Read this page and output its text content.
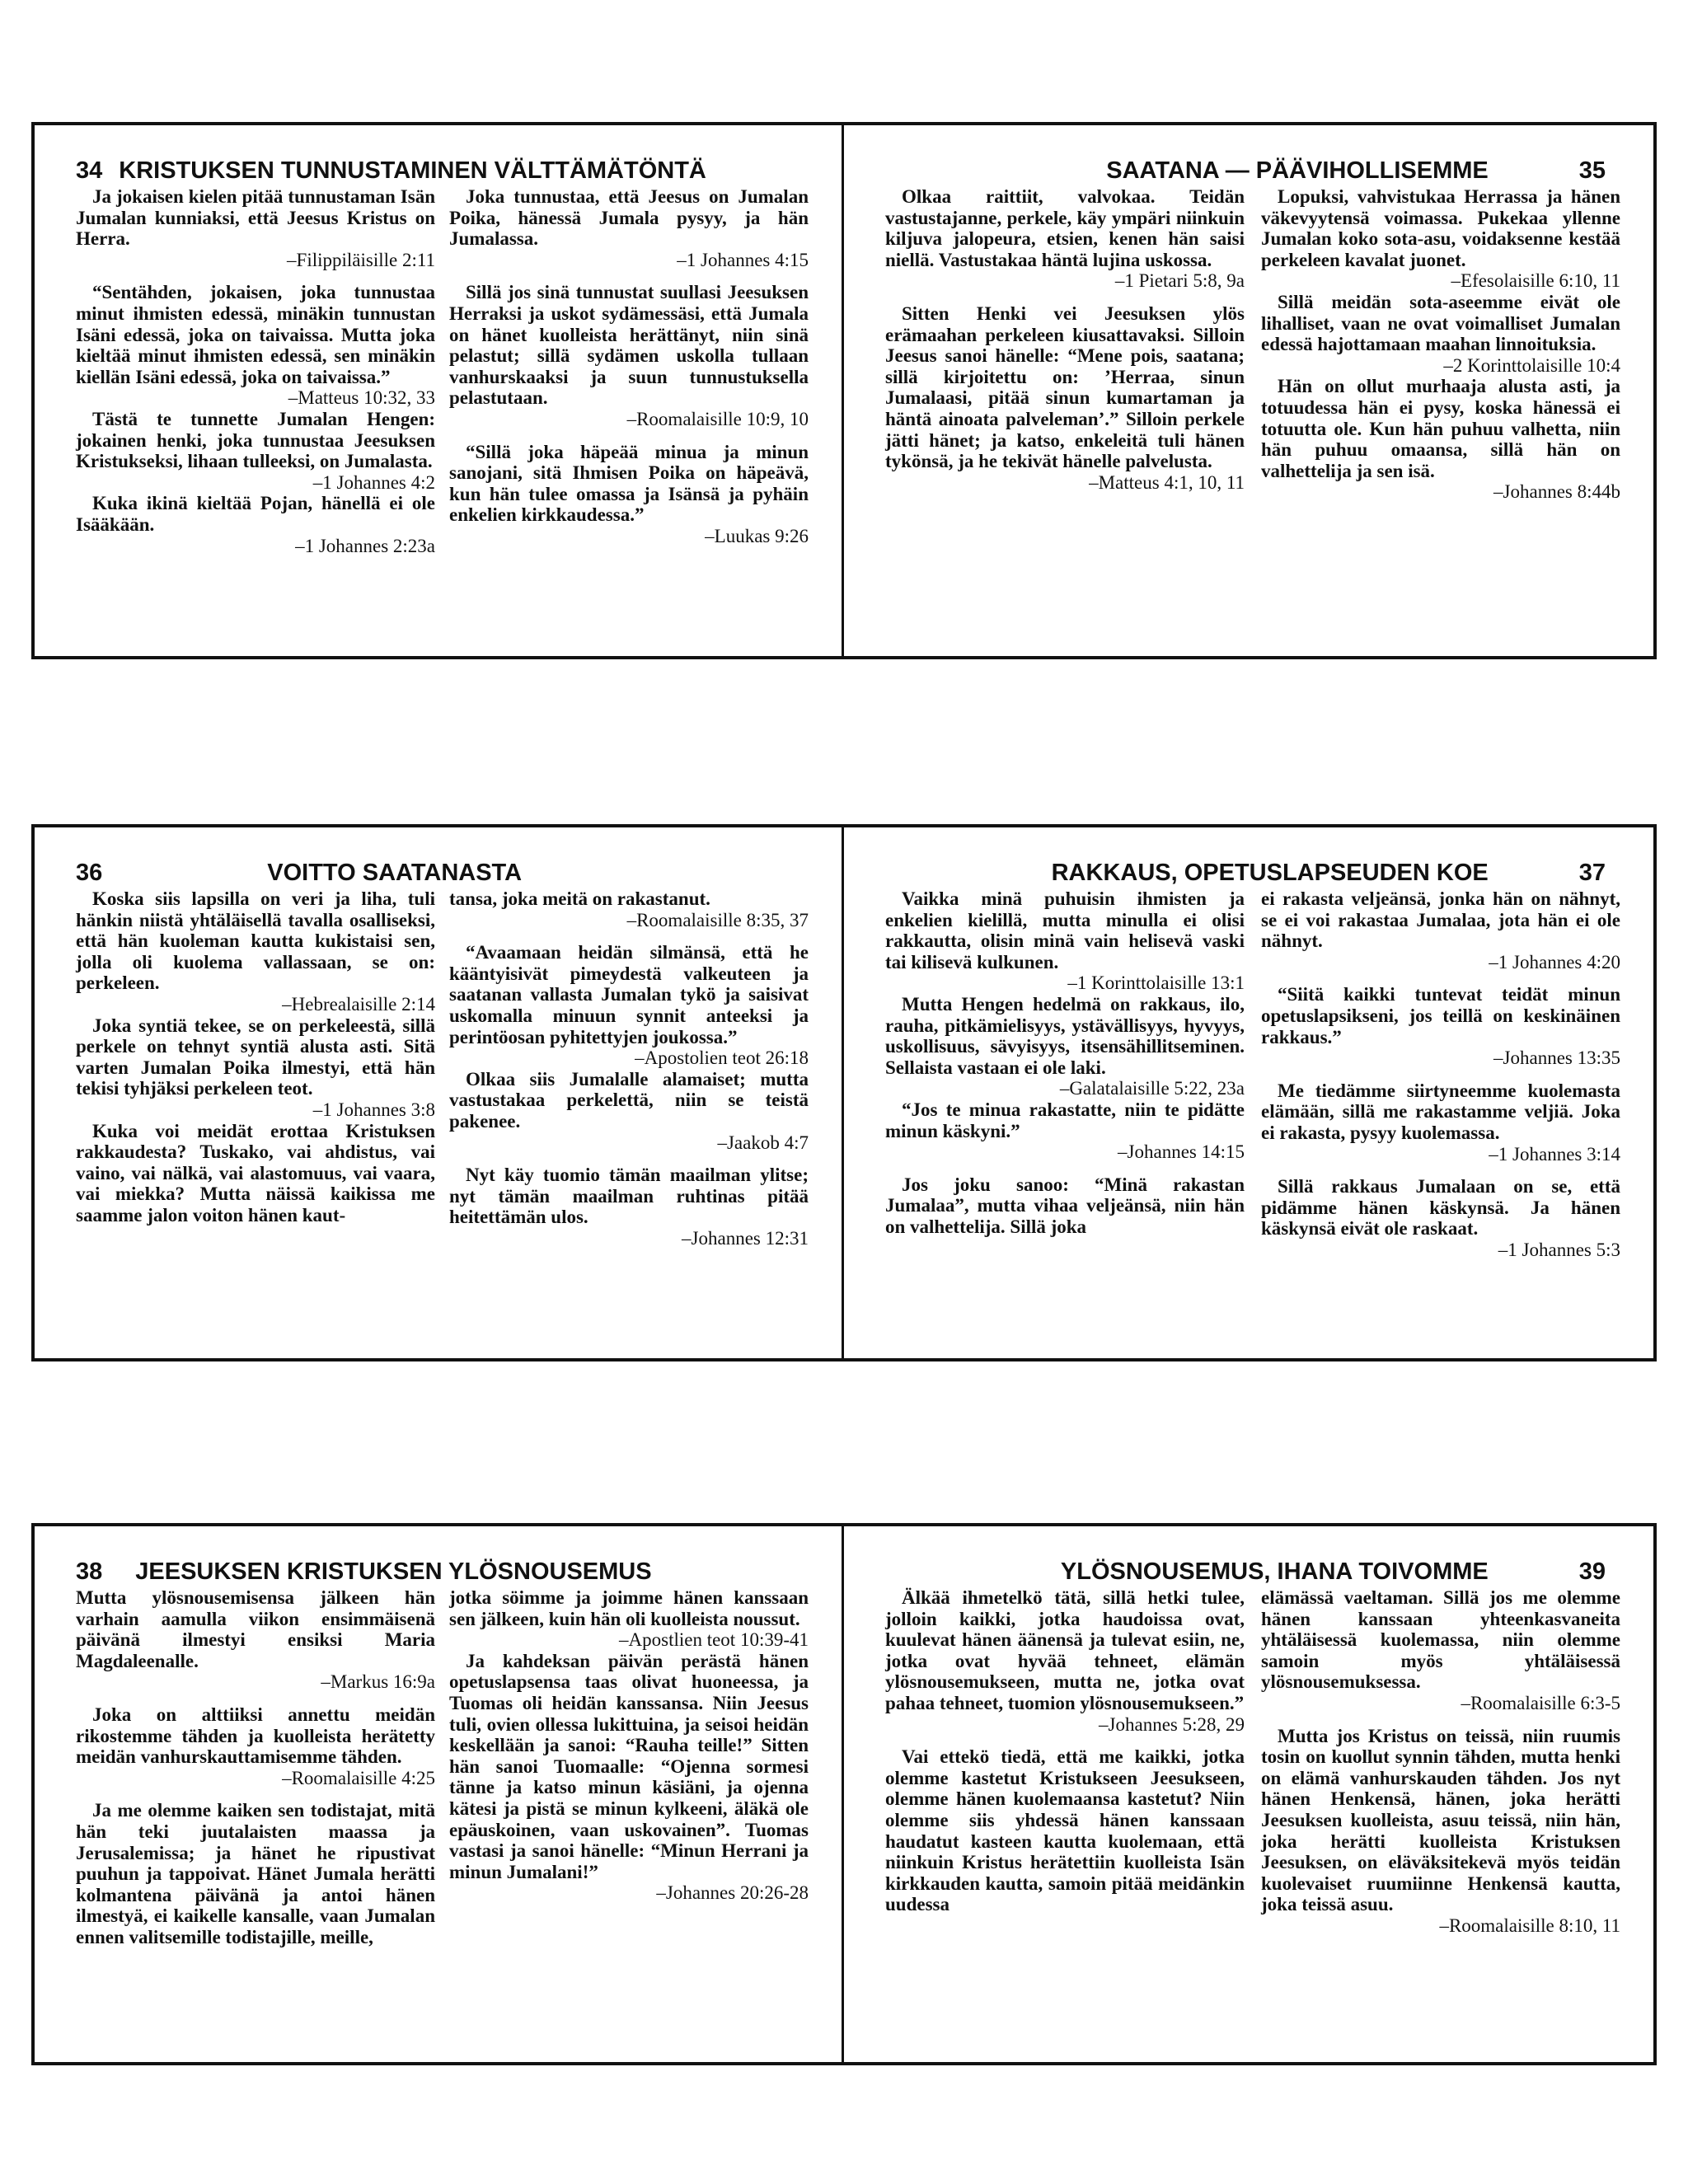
34 KRISTUKSEN TUNNUSTAMINEN VÄLTTÄMÄTÖNTÄ

Ja jokaisen kielen pitää tunnustaman Isän Jumalan kunniaksi, että Jeesus Kristus on Herra.

–Filippiläisille 2:11

“Sentähden, jokaisen, joka tunnustaa minut ihmisten edessä, minäkin tunnustan Isäni edessä, joka on taivaissa. Mutta joka kieltää minut ihmisten edessä, sen minäkin kiellän Isäni edessä, joka on taivaissa.”

–Matteus 10:32, 33

Tästä te tunnette Jumalan Hengen: jokainen henki, joka tunnustaa Jeesuksen Kristukseksi, lihaan tulleeksi, on Jumalasta.

–1 Johannes 4:2

Kuka ikinä kieltää Pojan, hänellä ei ole Isääkään.

–1 Johannes 2:23a

Joka tunnustaa, että Jeesus on Jumalan Poika, hänessä Jumala pysyy, ja hän Jumalassa.

–1 Johannes 4:15

Sillä jos sinä tunnustat suullasi Jeesuksen Herraksi ja uskot sydämessäsi, että Jumala on hänet kuolleista herättänyt, niin sinä pelastut; sillä sydämen uskolla tullaan vanhurskaaksi ja suun tunnustuksella pelastutaan.

–Roomalaisille 10:9, 10

“Sillä joka häpeää minua ja minun sanojani, sitä Ihmisen Poika on häpeävä, kun hän tulee omassa ja Isänsä ja pyhäin enkelien kirkkaudessa.”

–Luukas 9:26
SAATANA — PÄÄVIHOLLISEMME	35

Olkaa raittiit, valvokaa. Teidän vastustajanne, perkele, käy ympäri niinkuin kiljuva jalopeura, etsien, kenen hän saisi niellä. Vastustakaa häntä lujina uskossa.

–1 Pietari 5:8, 9a

Sitten Henki vei Jeesuksen ylös erämaahan perkeleen kiusattavaksi. Silloin Jeesus sanoi hänelle: “Mene pois, saatana; sillä kirjoitettu on: ’Herraa, sinun Jumalaasi, pitää sinun kumartaman ja häntä ainoata palveleman’.” Silloin perkele jätti hänet; ja katso, enkeleitä tuli hänen tykönsä, ja he tekivät hänelle palvelusta.

–Matteus 4:1, 10, 11

Lopuksi, vahvistukaa Herrassa ja hänen väkevyytensä voimassa. Pukekaa yllenne Jumalan koko sota-asu, voidaksenne kestää perkeleen kavalat juonet.

–Efesolaisille 6:10, 11

Sillä meidän sota-aseemme eivät ole lihalliset, vaan ne ovat voimalliset Jumalan edessä hajottamaan maahan linnoituksia.

–2 Korinttolaisille 10:4

Hän on ollut murhaaja alusta asti, ja totuudessa hän ei pysy, koska hänessä ei totuutta ole. Kun hän puhuu valhetta, niin hän puhuu omaansa, sillä hän on valhettelija ja sen isä.

–Johannes 8:44b
36	VOITTO SAATANASTA

Koska siis lapsilla on veri ja liha, tuli hänkin niistä yhtäläisellä tavalla osalliseksi, että hän kuoleman kautta kukistaisi sen, jolla oli kuolema vallassaan, se on: perkeleen.

–Hebrealaisille 2:14

Joka syntiä tekee, se on perkeleestä, sillä perkele on tehnyt syntiä alusta asti. Sitä varten Jumalan Poika ilmestyi, että hän tekisi tyhjäksi perkeleen teot.

–1 Johannes 3:8

Kuka voi meidät erottaa Kristuksen rakkaudesta? Tuskako, vai ahdistus, vai vaino, vai nälkä, vai alastomuus, vai vaara, vai miekka? Mutta näissä kaikissa me saamme jalon voiton hänen kaut-

tansa, joka meitä on rakastanut.

–Roomalaisille 8:35, 37

“Avaamaan heidän silmänsä, että he kääntyisivät pimeydestä valkeuteen ja saatanan vallasta Jumalan tykö ja saisivat uskomalla minuun synnit anteeksi ja perintöosan pyhitettyjen joukossa.”

–Apostolien teot 26:18

Olkaa siis Jumalalle alamaiset; mutta vastustakaa perkelettä, niin se teistä pakenee.

–Jaakob 4:7

Nyt käy tuomio tämän maailman ylitse; nyt tämän maailman ruhtinas pitää heitettämän ulos.

–Johannes 12:31
RAKKAUS, OPETUSLAPSEUDEN KOE	37

Vaikka minä puhuisin ihmisten ja enkelien kielillä, mutta minulla ei olisi rakkautta, olisin minä vain helisevä vaski tai kilisevä kulkunen.

–1 Korinttolaisille 13:1

Mutta Hengen hedelmä on rakkaus, ilo, rauha, pitkämielisyys, ystävällisyys, hyvyys, uskollisuus, sävyisyys, itsensähillitseminen. Sellaista vastaan ei ole laki.

–Galatalaisille 5:22, 23a

“Jos te minua rakastatte, niin te pidätte minun käskyni.”

–Johannes 14:15

Jos joku sanoo: “Minä rakastan Jumalaa”, mutta vihaa veljeänsä, niin hän on valhettelija. Sillä joka

ei rakasta veljeänsä, jonka hän on nähnyt, se ei voi rakastaa Jumalaa, jota hän ei ole nähnyt.

–1 Johannes 4:20

“Siitä kaikki tuntevat teidät minun opetuslapsikseni, jos teillä on keskinäinen rakkaus.”

–Johannes 13:35

Me tiedämme siirtyneemme kuolemasta elämään, sillä me rakastamme veljiä. Joka ei rakasta, pysyy kuolemassa.

–1 Johannes 3:14

Sillä rakkaus Jumalaan on se, että pidämme hänen käskynsä. Ja hänen käskynsä eivät ole raskaat.

–1 Johannes 5:3
38 JEESUKSEN KRISTUKSEN YLÖSNOUSEMUS

Mutta ylösnousemisensa jälkeen hän varhain aamulla viikon ensimmäisenä päivänä ilmestyi ensiksi Maria Magdaleenalle.

–Markus 16:9a

Joka on alttiiksi annettu meidän rikostemme tähden ja kuolleista herätetty meidän vanhurskauttamisemme tähden.

–Roomalaisille 4:25

Ja me olemme kaiken sen todistajat, mitä hän teki juutalaisten maassa ja Jerusalemissa; ja hänet he ripustivat puuhun ja tappoivat. Hänet Jumala herätti kolmantena päivänä ja antoi hänen ilmestyä, ei kaikelle kansalle, vaan Jumalan ennen valitsemille todistajille, meille,

jotka söimme ja joimme hänen kanssaan sen jälkeen, kuin hän oli kuolleista noussut.

–Apostlien teot 10:39-41

Ja kahdeksan päivän perästä hänen opetuslapsensa taas olivat huoneessa, ja Tuomas oli heidän kanssansa. Niin Jeesus tuli, ovien ollessa lukittuina, ja seisoi heidän keskellään ja sanoi: “Rauha teille!” Sitten hän sanoi Tuomaalle: “Ojenna sormesi tänne ja katso minun käsiäni, ja ojenna kätesi ja pistä se minun kylkeeni, äläkä ole epäuskoinen, vaan uskovainen”. Tuomas vastasi ja sanoi hänelle: “Minun Herrani ja minun Jumalani!”

–Johannes 20:26-28
YLÖSNOUSEMUS, IHANA TOIVOMME	39

Älkää ihmetelkö tätä, sillä hetki tulee, jolloin kaikki, jotka haudoissa ovat, kuulevat hänen äänensä ja tulevat esiin, ne, jotka ovat hyvää tehneet, elämän ylösnousemukseen, mutta ne, jotka ovat pahaa tehneet, tuomion ylösnousemukseen.”

–Johannes 5:28, 29

Vai ettekö tiedä, että me kaikki, jotka olemme kastetut Kristukseen Jeesukseen, olemme hänen kuolemaansa kastetut? Niin olemme siis yhdessä hänen kanssaan haudatut kasteen kautta kuolemaan, että niinkuin Kristus herätettiin kuolleista Isän kirkkauden kautta, samoin pitää meidänkin uudessa

elämässä vaeltaman. Sillä jos me olemme hänen kanssaan yhteenkasvaneita yhtäläisessä kuolemassa, niin olemme samoin myös yhtäläisessä ylösnousemuksessa.

–Roomalaisille 6:3-5

Mutta jos Kristus on teissä, niin ruumis tosin on kuollut synnin tähden, mutta henki on elämä vanhurskauden tähden. Jos nyt hänen Henkensä, hänen, joka herätti Jeesuksen kuolleista, asuu teissä, niin hän, joka herätti kuolleista Kristuksen Jeesuksen, on eläväksitekevä myös teidän kuolevaiset ruumiinne Henkensä kautta, joka teissä asuu.

–Roomalaisille 8:10, 11
